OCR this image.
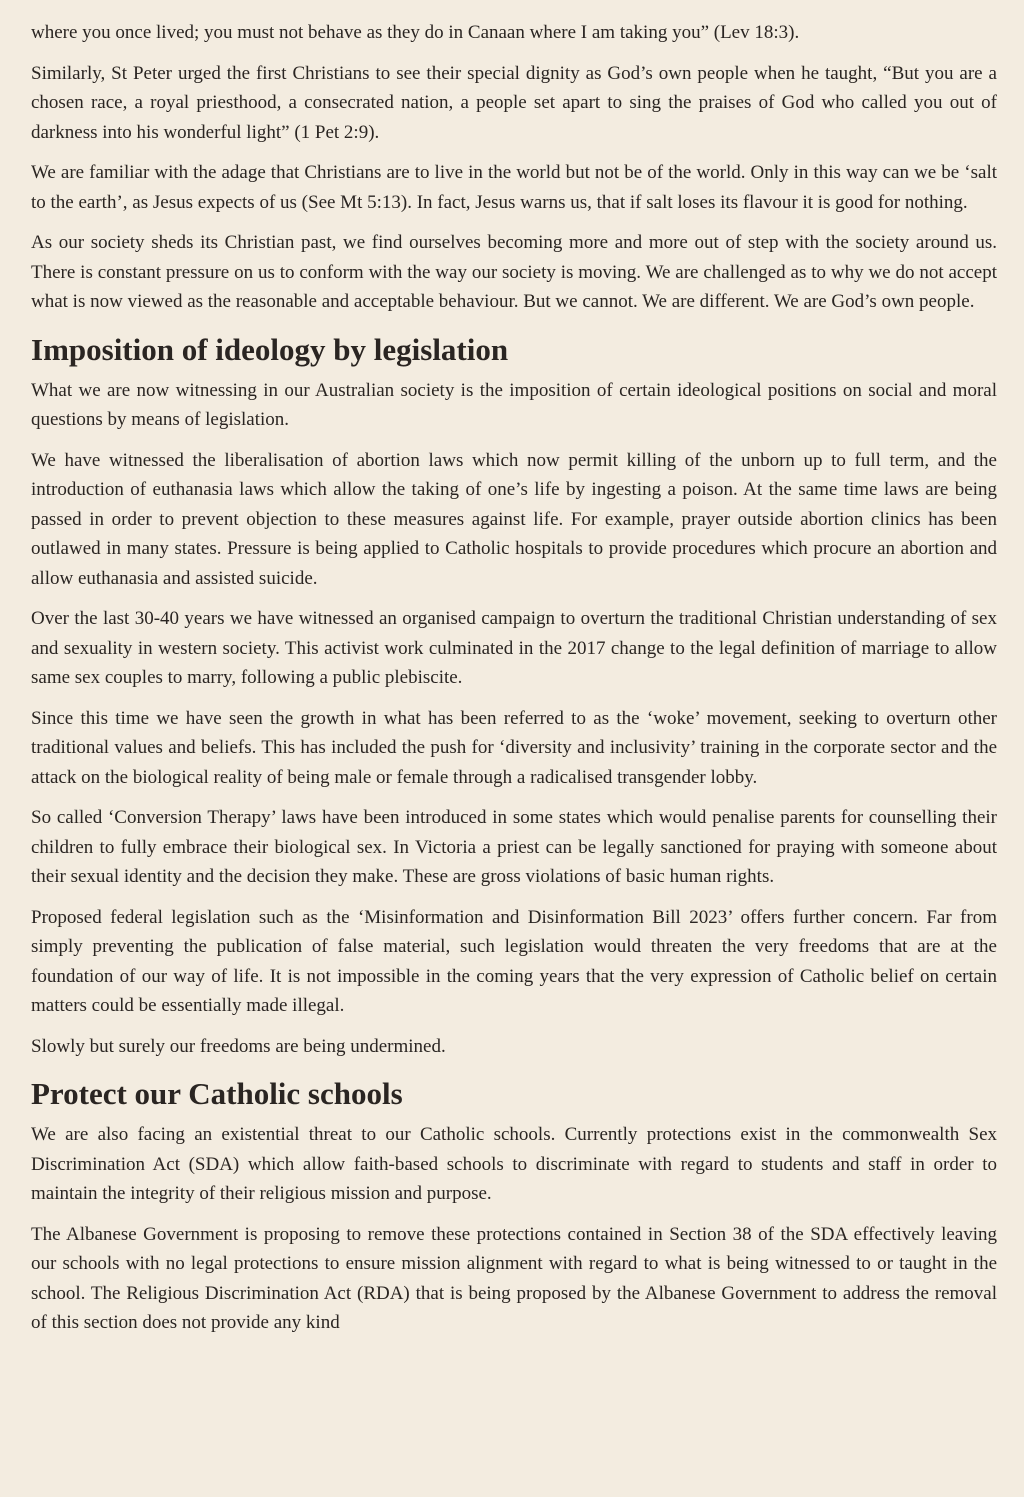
where you once lived; you must not behave as they do in Canaan where I am taking you” (Lev 18:3).

Similarly, St Peter urged the first Christians to see their special dignity as God’s own people when he taught, “But you are a chosen race, a royal priesthood, a consecrated nation, a people set apart to sing the praises of God who called you out of darkness into his wonderful light” (1 Pet 2:9).

We are familiar with the adage that Christians are to live in the world but not be of the world. Only in this way can we be ‘salt to the earth’, as Jesus expects of us (See Mt 5:13). In fact, Jesus warns us, that if salt loses its flavour it is good for nothing.

As our society sheds its Christian past, we find ourselves becoming more and more out of step with the society around us. There is constant pressure on us to conform with the way our society is moving. We are challenged as to why we do not accept what is now viewed as the reasonable and acceptable behaviour. But we cannot. We are different. We are God’s own people.

Imposition of ideology by legislation

What we are now witnessing in our Australian society is the imposition of certain ideological positions on social and moral questions by means of legislation.

We have witnessed the liberalisation of abortion laws which now permit killing of the unborn up to full term, and the introduction of euthanasia laws which allow the taking of one’s life by ingesting a poison. At the same time laws are being passed in order to prevent objection to these measures against life. For example, prayer outside abortion clinics has been outlawed in many states. Pressure is being applied to Catholic hospitals to provide procedures which procure an abortion and allow euthanasia and assisted suicide.

Over the last 30-40 years we have witnessed an organised campaign to overturn the traditional Christian understanding of sex and sexuality in western society. This activist work culminated in the 2017 change to the legal definition of marriage to allow same sex couples to marry, following a public plebiscite.

Since this time we have seen the growth in what has been referred to as the ‘woke’ movement, seeking to overturn other traditional values and beliefs. This has included the push for ‘diversity and inclusivity’ training in the corporate sector and the attack on the biological reality of being male or female through a radicalised transgender lobby.

So called ‘Conversion Therapy’ laws have been introduced in some states which would penalise parents for counselling their children to fully embrace their biological sex. In Victoria a priest can be legally sanctioned for praying with someone about their sexual identity and the decision they make. These are gross violations of basic human rights.

Proposed federal legislation such as the ‘Misinformation and Disinformation Bill 2023’ offers further concern. Far from simply preventing the publication of false material, such legislation would threaten the very freedoms that are at the foundation of our way of life. It is not impossible in the coming years that the very expression of Catholic belief on certain matters could be essentially made illegal.

Slowly but surely our freedoms are being undermined.

Protect our Catholic schools

We are also facing an existential threat to our Catholic schools. Currently protections exist in the commonwealth Sex Discrimination Act (SDA) which allow faith-based schools to discriminate with regard to students and staff in order to maintain the integrity of their religious mission and purpose.

The Albanese Government is proposing to remove these protections contained in Section 38 of the SDA effectively leaving our schools with no legal protections to ensure mission alignment with regard to what is being witnessed to or taught in the school. The Religious Discrimination Act (RDA) that is being proposed by the Albanese Government to address the removal of this section does not provide any kind
